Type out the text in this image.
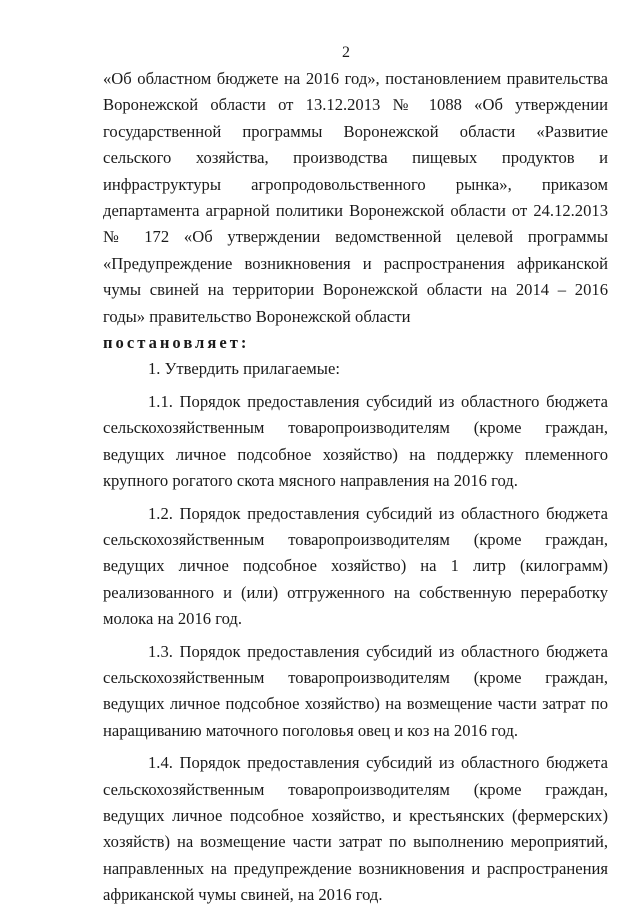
2

«Об областном бюджете на 2016 год», постановлением правительства Воронежской области от 13.12.2013 № 1088 «Об утверждении государственной программы Воронежской области «Развитие сельского хозяйства, производства пищевых продуктов и инфраструктуры агропродовольственного рынка», приказом департамента аграрной политики Воронежской области от 24.12.2013 № 172 «Об утверждении ведомственной целевой программы «Предупреждение возникновения и распространения африканской чумы свиней на территории Воронежской области на 2014 – 2016 годы» правительство Воронежской области

постановляет:

1. Утвердить прилагаемые:

1.1. Порядок предоставления субсидий из областного бюджета сельскохозяйственным товаропроизводителям (кроме граждан, ведущих личное подсобное хозяйство) на поддержку племенного крупного рогатого скота мясного направления на 2016 год.

1.2. Порядок предоставления субсидий из областного бюджета сельскохозяйственным товаропроизводителям (кроме граждан, ведущих личное подсобное хозяйство) на 1 литр (килограмм) реализованного и (или) отгруженного на собственную переработку молока на 2016 год.

1.3. Порядок предоставления субсидий из областного бюджета сельскохозяйственным товаропроизводителям (кроме граждан, ведущих личное подсобное хозяйство) на возмещение части затрат по наращиванию маточного поголовья овец и коз на 2016 год.

1.4. Порядок предоставления субсидий из областного бюджета сельскохозяйственным товаропроизводителям (кроме граждан, ведущих личное подсобное хозяйство, и крестьянских (фермерских) хозяйств) на возмещение части затрат по выполнению мероприятий, направленных на предупреждение возникновения и распространения африканской чумы свиней, на 2016 год.
